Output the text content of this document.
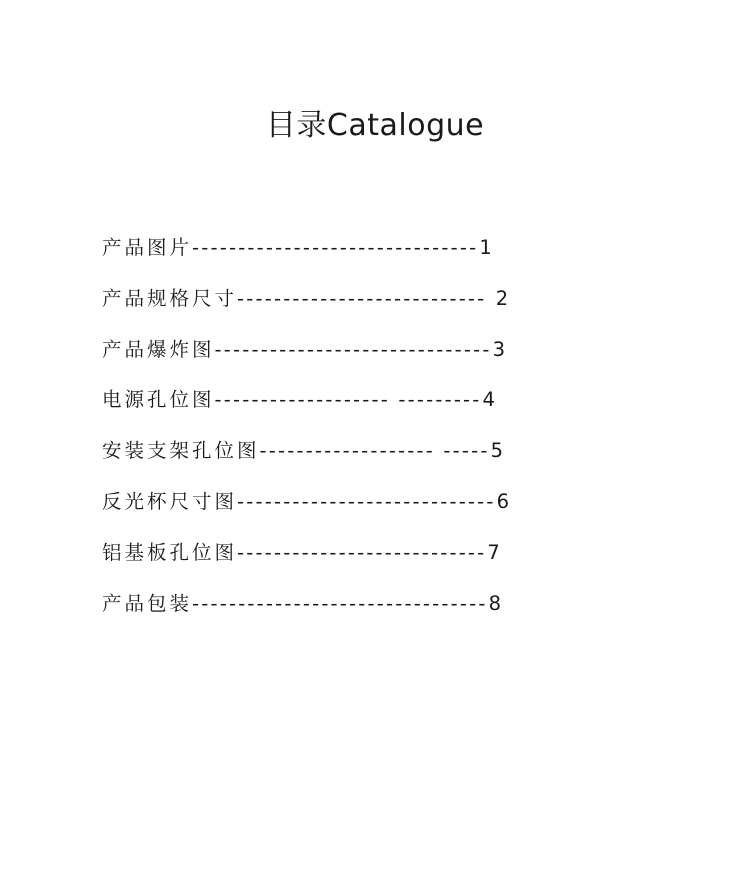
目录Catalogue
产品图片-------------------------------1
产品规格尺寸--------------------------- 2
产品爆炸图------------------------------3
电源孔位图------------------- ---------4
安装支架孔位图------------------- -----5
反光杯尺寸图----------------------------6
铝基板孔位图---------------------------7
产品包装--------------------------------8
